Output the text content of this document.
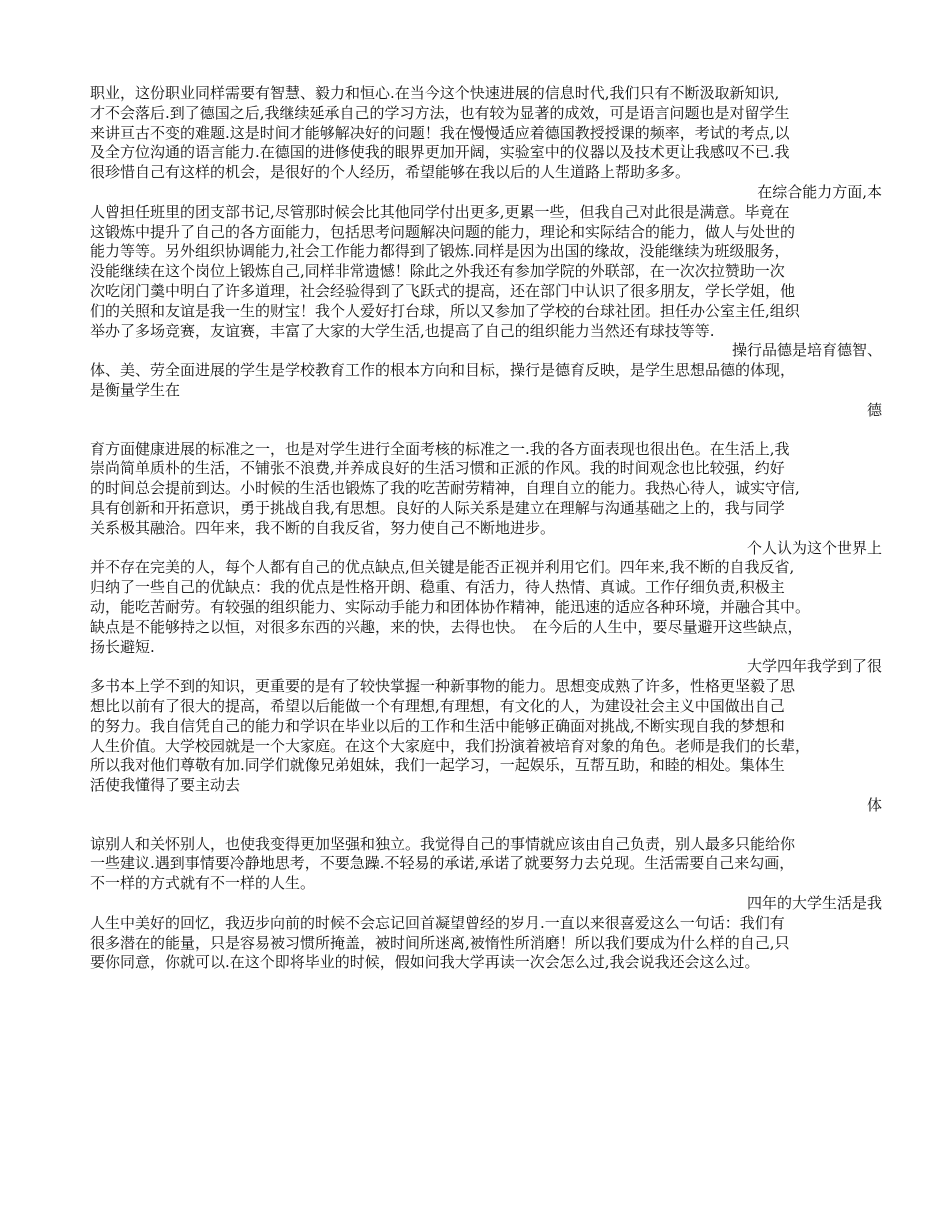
职业，这份职业同样需要有智慧、毅力和恒心.在当今这个快速进展的信息时代,我们只有不断汲取新知识,
才不会落后.到了德国之后,我继续延承自己的学习方法，也有较为显著的成效，可是语言问题也是对留学生
来讲亘古不变的难题.这是时间才能够解决好的问题！我在慢慢适应着德国教授授课的频率，考试的考点,以
及全方位沟通的语言能力.在德国的进修使我的眼界更加开阔，实验室中的仪器以及技术更让我感叹不已.我
很珍惜自己有这样的机会，是很好的个人经历，希望能够在我以后的人生道路上帮助多多。
在综合能力方面,本
人曾担任班里的团支部书记,尽管那时候会比其他同学付出更多,更累一些，但我自己对此很是满意。毕竟在
这锻炼中提升了自己的各方面能力，包括思考问题解决问题的能力，理论和实际结合的能力，做人与处世的
能力等等。另外组织协调能力,社会工作能力都得到了锻炼.同样是因为出国的缘故，没能继续为班级服务，
没能继续在这个岗位上锻炼自己,同样非常遗憾！除此之外我还有参加学院的外联部，在一次次拉赞助一次
次吃闭门羹中明白了许多道理，社会经验得到了飞跃式的提高，还在部门中认识了很多朋友，学长学姐，他
们的关照和友谊是我一生的财宝！我个人爱好打台球，所以又参加了学校的台球社团。担任办公室主任,组织
举办了多场竞赛，友谊赛，丰富了大家的大学生活,也提高了自己的组织能力当然还有球技等等.
操行品德是培育德智、
体、美、劳全面进展的学生是学校教育工作的根本方向和目标，操行是德育反映，是学生思想品德的体现，
是衡量学生在
德
育方面健康进展的标准之一，也是对学生进行全面考核的标准之一.我的各方面表现也很出色。在生活上,我
崇尚简单质朴的生活，不铺张不浪费,并养成良好的生活习惯和正派的作风。我的时间观念也比较强，约好
的时间总会提前到达。小时候的生活也锻炼了我的吃苦耐劳精神，自理自立的能力。我热心待人，诚实守信,
具有创新和开拓意识，勇于挑战自我,有思想。良好的人际关系是建立在理解与沟通基础之上的，我与同学
关系极其融洽。四年来，我不断的自我反省，努力使自己不断地进步。
个人认为这个世界上
并不存在完美的人，每个人都有自己的优点缺点,但关键是能否正视并利用它们。四年来,我不断的自我反省,
归纳了一些自己的优缺点：我的优点是性格开朗、稳重、有活力，待人热情、真诚。工作仔细负责,积极主
动，能吃苦耐劳。有较强的组织能力、实际动手能力和团体协作精神，能迅速的适应各种环境，并融合其中。
缺点是不能够持之以恒，对很多东西的兴趣，来的快，去得也快。　在今后的人生中，要尽量避开这些缺点，
扬长避短.
大学四年我学到了很
多书本上学不到的知识，更重要的是有了较快掌握一种新事物的能力。思想变成熟了许多，性格更坚毅了思
想比以前有了很大的提高，希望以后能做一个有理想,有理想，有文化的人，为建设社会主义中国做出自己
的努力。我自信凭自己的能力和学识在毕业以后的工作和生活中能够正确面对挑战,不断实现自我的梦想和
人生价值。大学校园就是一个大家庭。在这个大家庭中，我们扮演着被培育对象的角色。老师是我们的长辈，
所以我对他们尊敬有加.同学们就像兄弟姐妹，我们一起学习，一起娱乐，互帮互助，和睦的相处。集体生
活使我懂得了要主动去
体
谅别人和关怀别人，也使我变得更加坚强和独立。我觉得自己的事情就应该由自己负责，别人最多只能给你
一些建议.遇到事情要冷静地思考，不要急躁.不轻易的承诺,承诺了就要努力去兑现。生活需要自己来勾画，
不一样的方式就有不一样的人生。
四年的大学生活是我
人生中美好的回忆，我迈步向前的时候不会忘记回首凝望曾经的岁月.一直以来很喜爱这么一句话：我们有
很多潜在的能量，只是容易被习惯所掩盖，被时间所迷离,被惰性所消磨！所以我们要成为什么样的自己,只
要你同意，你就可以.在这个即将毕业的时候，假如问我大学再读一次会怎么过,我会说我还会这么过。
